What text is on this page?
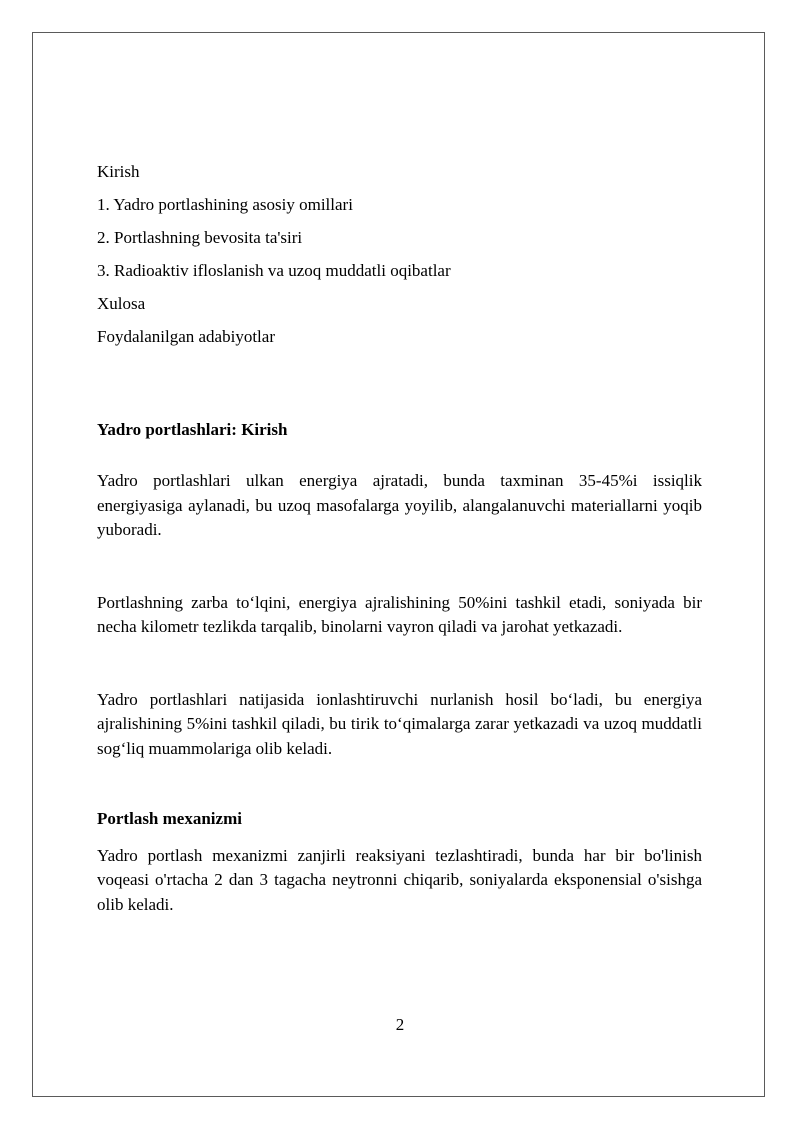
Kirish

1. Yadro portlashining asosiy omillari

2. Portlashning bevosita ta'siri

3. Radioaktiv ifloslanish va uzoq muddatli oqibatlar

Xulosa

Foydalanilgan adabiyotlar

Yadro portlashlari: Kirish

Yadro portlashlari ulkan energiya ajratadi, bunda taxminan 35-45%i issiqlik energiyasiga aylanadi, bu uzoq masofalarga yoyilib, alangalanuvchi materiallarni yoqib yuboradi.

Portlashning zarba to‘lqini, energiya ajralishining 50%ini tashkil etadi, soniyada bir necha kilometr tezlikda tarqalib, binolarni vayron qiladi va jarohat yetkazadi.

Yadro portlashlari natijasida ionlashtiruvchi nurlanish hosil bo‘ladi, bu energiya ajralishining 5%ini tashkil qiladi, bu tirik to‘qimalarga zarar yetkazadi va uzoq muddatli sog‘liq muammolariga olib keladi.

Portlash mexanizmi

Yadro portlash mexanizmi zanjirli reaksiyani tezlashtiradi, bunda har bir bo'linish voqeasi o'rtacha 2 dan 3 tagacha neytronni chiqarib, soniyalarda eksponensial o'sishga olib keladi.

2
